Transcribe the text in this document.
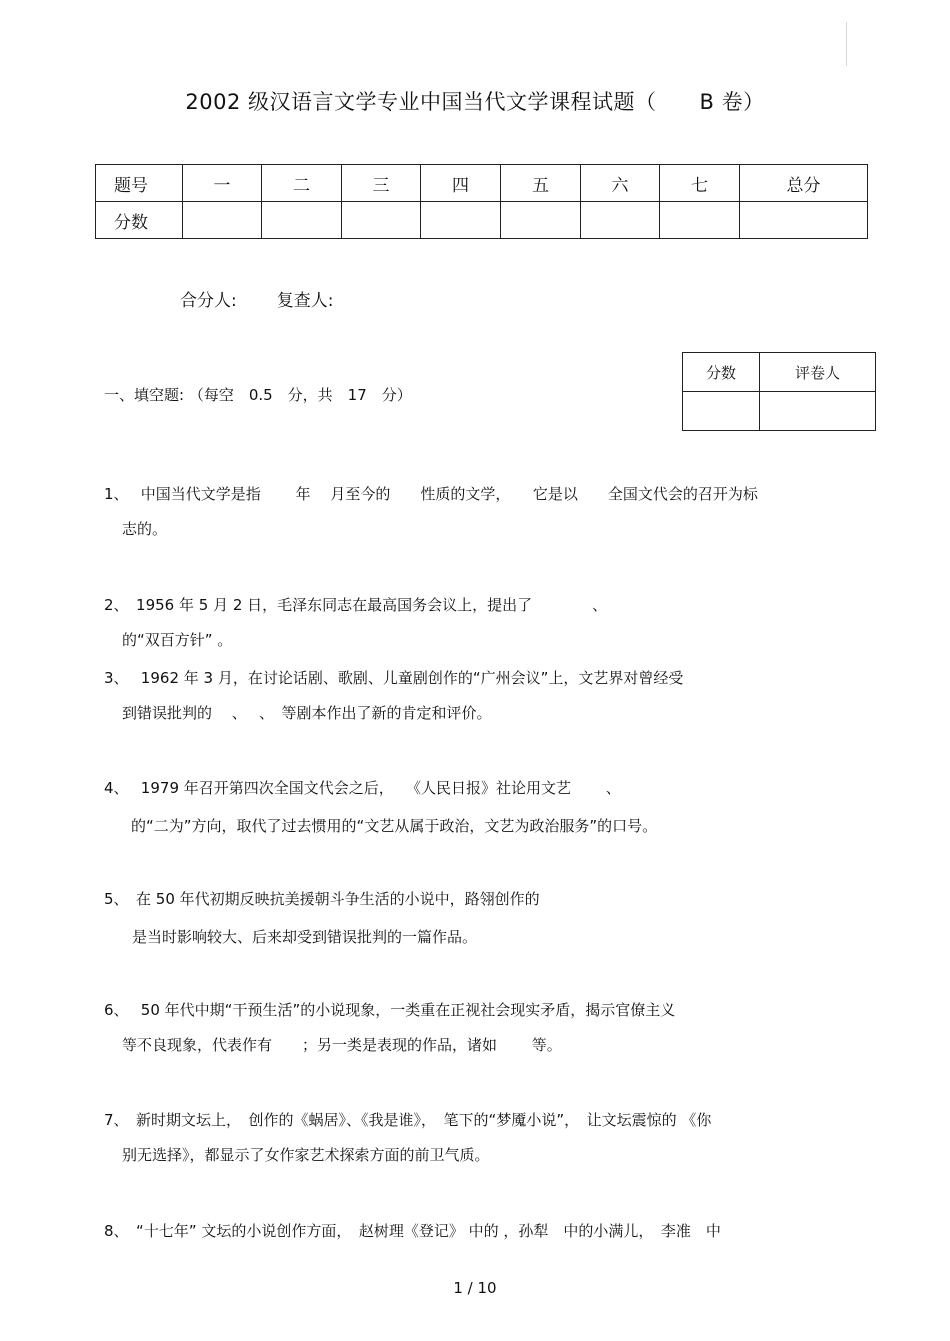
2002 级汉语言文学专业中国当代文学课程试题（　　B 卷）
题号	一	二	三	四	五	六	七	总分
分数								
合分人: 复查人:
分数	评卷人

一、填空题: （每空　0.5　分，共　17　分）
1、　 中国当代文学是指　　 年　 月至今的　　性质的文学，　　它是以　　全国文代会的召开为标
志的。
2、　1956 年 5 月 2 日，毛泽东同志在最高国务会议上，提出了　　　　、
的“双百方针” 。
3、　 1962 年 3 月，在讨论话剧、歌剧、儿童剧创作的“广州会议”上，文艺界对曾经受
到错误批判的　 、　 、　等剧本作出了新的肯定和评价。
4、　 1979 年召开第四次全国文代会之后，　 《人民日报》社论用文艺　　 、
的“二为”方向，取代了过去惯用的“文艺从属于政治，文艺为政治服务”的口号。
5、　在 50 年代初期反映抗美援朝斗争生活的小说中，路翎创作的
是当时影响较大、后来却受到错误批判的一篇作品。
6、　 50 年代中期“干预生活”的小说现象，一类重在正视社会现实矛盾，揭示官僚主义
等不良现象，代表作有　　；另一类是表现的作品，诸如　　 等。
7、　新时期文坛上，　创作的《蜗居》、《我是谁》，　笔下的“梦魇小说”，　让文坛震惊的 《你
别无选择》，都显示了女作家艺术探索方面的前卫气质。
8、　“十七年” 文坛的小说创作方面，　赵树理《登记》 中的 ，孙犁　中的小满儿，　李准　中
1 / 10
